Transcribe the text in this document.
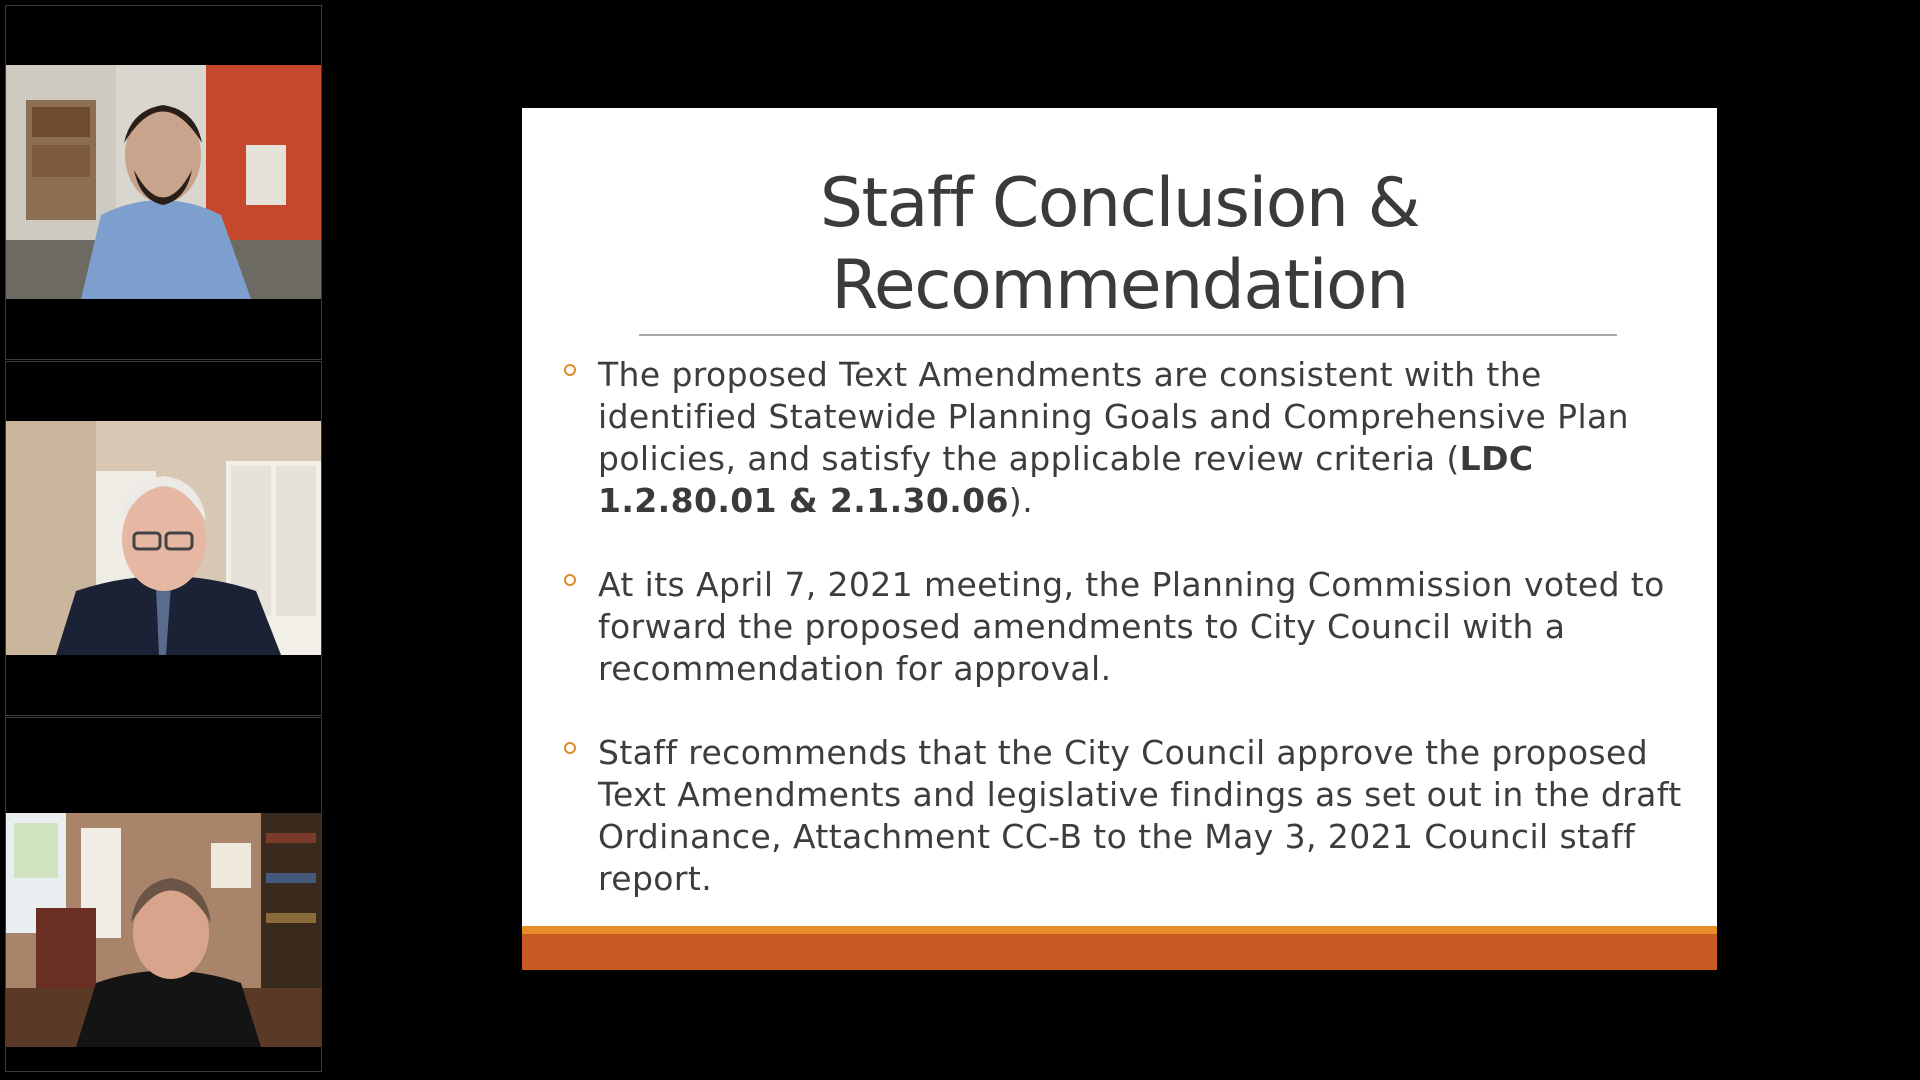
Staff Conclusion &
Recommendation
The proposed Text Amendments are consistent with the identified Statewide Planning Goals and Comprehensive Plan policies, and satisfy the applicable review criteria (LDC 1.2.80.01 & 2.1.30.06).
At its April 7, 2021 meeting, the Planning Commission voted to forward the proposed amendments to City Council with a recommendation for approval.
Staff recommends that the City Council approve the proposed Text Amendments and legislative findings as set out in the draft Ordinance, Attachment CC-B to the May 3, 2021 Council staff report.
